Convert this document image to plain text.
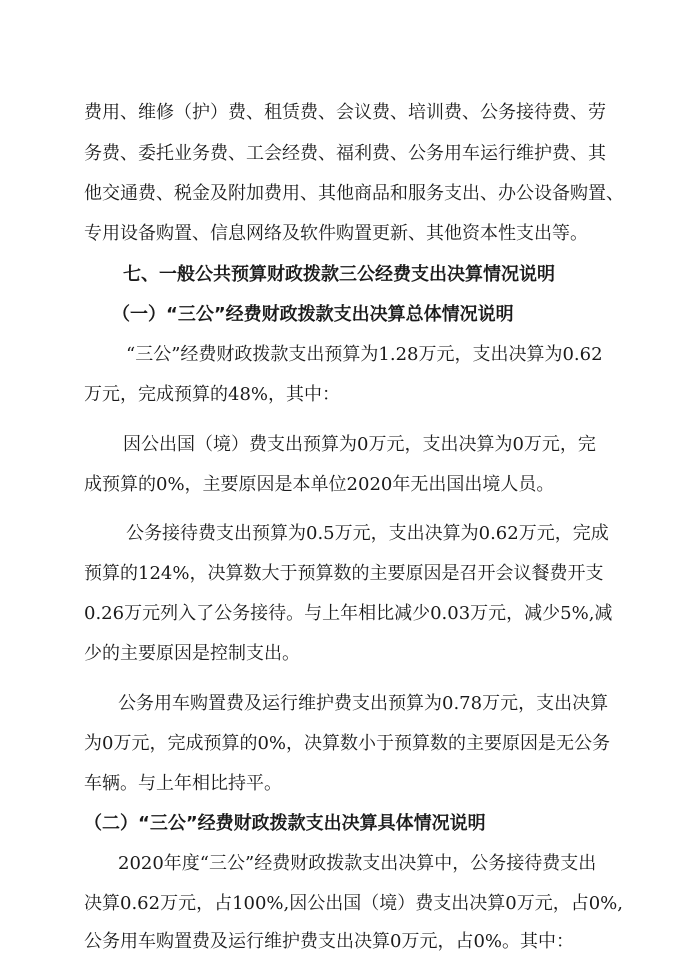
费用、维修（护）费、租赁费、会议费、培训费、公务接待费、劳
务费、委托业务费、工会经费、福利费、公务用车运行维护费、其
他交通费、税金及附加费用、其他商品和服务支出、办公设备购置、
专用设备购置、信息网络及软件购置更新、其他资本性支出等。
七、一般公共预算财政拨款三公经费支出决算情况说明
（一）“三公”经费财政拨款支出决算总体情况说明
“三公”经费财政拨款支出预算为1.28万元，支出决算为0.62
万元，完成预算的48%，其中：
因公出国（境）费支出预算为0万元，支出决算为0万元，完
成预算的0%，主要原因是本单位2020年无出国出境人员。
公务接待费支出预算为0.5万元，支出决算为0.62万元，完成
预算的124%，决算数大于预算数的主要原因是召开会议餐费开支
0.26万元列入了公务接待。与上年相比减少0.03万元，减少5%,减
少的主要原因是控制支出。
公务用车购置费及运行维护费支出预算为0.78万元，支出决算
为0万元，完成预算的0%，决算数小于预算数的主要原因是无公务
车辆。与上年相比持平。
（二）“三公”经费财政拨款支出决算具体情况说明
2020年度“三公”经费财政拨款支出决算中，公务接待费支出
决算0.62万元，占100%,因公出国（境）费支出决算0万元，占0%,
公务用车购置费及运行维护费支出决算0万元，占0%。其中：
